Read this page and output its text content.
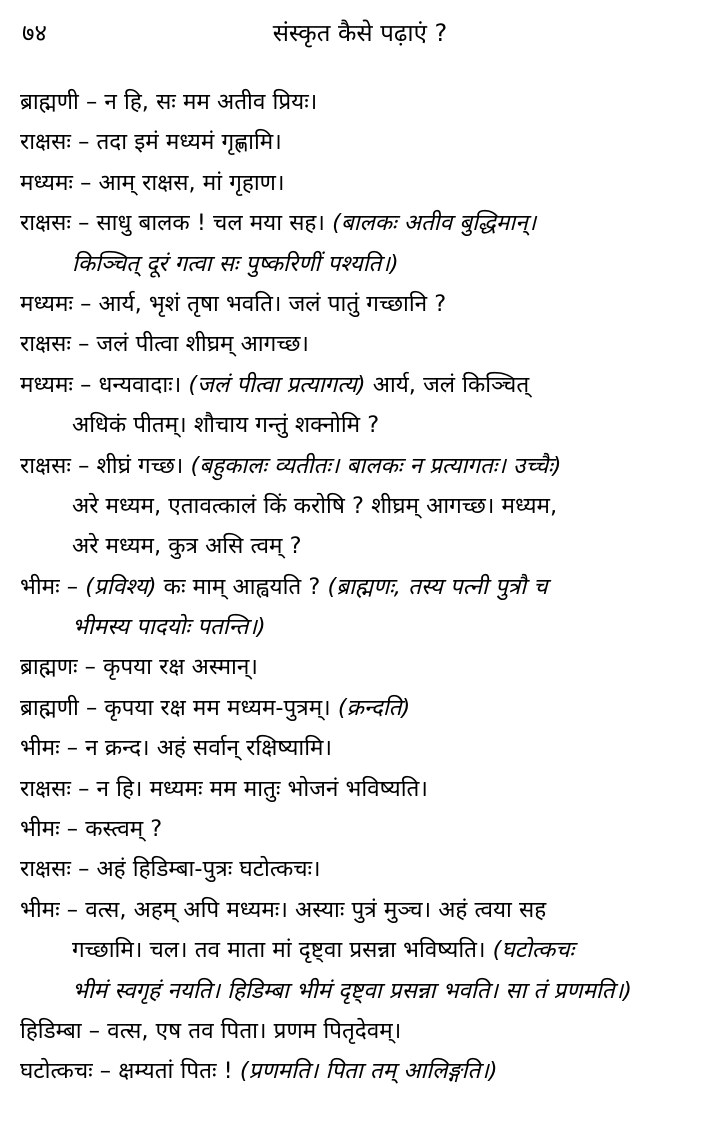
७४	संस्कृत कैसे पढ़ाएं ?
ब्राह्मणी – न हि, सः मम अतीव प्रियः।
राक्षसः – तदा इमं मध्यमं गृह्णामि।
मध्यमः – आम् राक्षस, मां गृहाण।
राक्षसः – साधु बालक ! चल मया सह। (बालकः अतीव बुद्धिमान्।
किञ्चित् दूरं गत्वा सः पुष्करिणीं पश्यति।)
मध्यमः – आर्य, भृशं तृषा भवति। जलं पातुं गच्छानि ?
राक्षसः – जलं पीत्वा शीघ्रम् आगच्छ।
मध्यमः – धन्यवादाः। (जलं पीत्वा प्रत्यागत्य) आर्य, जलं किञ्चित्
अधिकं पीतम्। शौचाय गन्तुं शक्नोमि ?
राक्षसः – शीघ्रं गच्छ। (बहुकालः व्यतीतः। बालकः न प्रत्यागतः। उच्चैः)
अरे मध्यम, एतावत्कालं किं करोषि ? शीघ्रम् आगच्छ। मध्यम,
अरे मध्यम, कुत्र असि त्वम् ?
भीमः – (प्रविश्य) कः माम् आह्वयति ? (ब्राह्मणः, तस्य पत्नी पुत्रौ च
भीमस्य पादयोः पतन्ति।)
ब्राह्मणः – कृपया रक्ष अस्मान्।
ब्राह्मणी – कृपया रक्ष मम मध्यम-पुत्रम्। (क्रन्दति)
भीमः – न क्रन्द। अहं सर्वान् रक्षिष्यामि।
राक्षसः – न हि। मध्यमः मम मातुः भोजनं भविष्यति।
भीमः – कस्त्वम् ?
राक्षसः – अहं हिडिम्बा-पुत्रः घटोत्कचः।
भीमः – वत्स, अहम् अपि मध्यमः। अस्याः पुत्रं मुञ्च। अहं त्वया सह
गच्छामि। चल। तव माता मां दृष्ट्वा प्रसन्ना भविष्यति। (घटोत्कचः
भीमं स्वगृहं नयति। हिडिम्बा भीमं दृष्ट्वा प्रसन्ना भवति। सा तं प्रणमति।)
हिडिम्बा – वत्स, एष तव पिता। प्रणम पितृदेवम्।
घटोत्कचः – क्षम्यतां पितः ! (प्रणमति। पिता तम् आलिङ्गति।)
